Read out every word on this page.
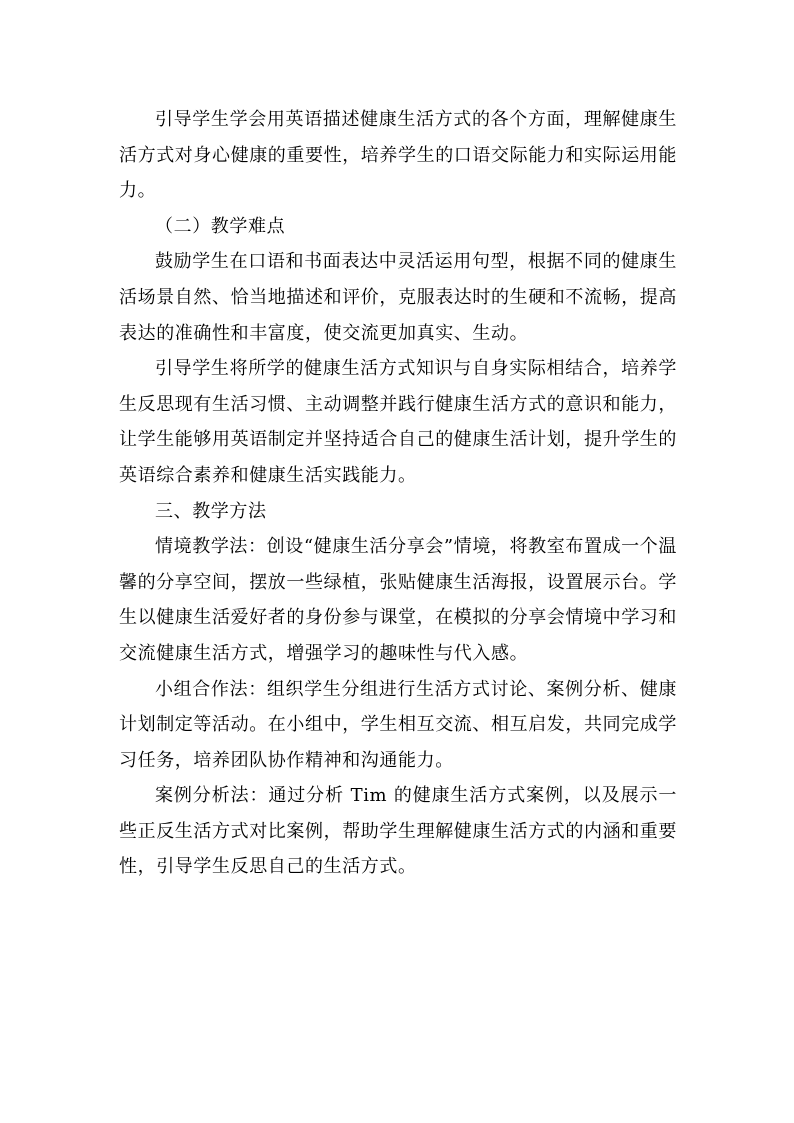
引导学生学会用英语描述健康生活方式的各个方面，理解健康生活方式对身心健康的重要性，培养学生的口语交际能力和实际运用能力。

（二）教学难点

鼓励学生在口语和书面表达中灵活运用句型，根据不同的健康生活场景自然、恰当地描述和评价，克服表达时的生硬和不流畅，提高表达的准确性和丰富度，使交流更加真实、生动。

引导学生将所学的健康生活方式知识与自身实际相结合，培养学生反思现有生活习惯、主动调整并践行健康生活方式的意识和能力，让学生能够用英语制定并坚持适合自己的健康生活计划，提升学生的英语综合素养和健康生活实践能力。

三、教学方法

情境教学法：创设“健康生活分享会”情境，将教室布置成一个温馨的分享空间，摆放一些绿植，张贴健康生活海报，设置展示台。学生以健康生活爱好者的身份参与课堂，在模拟的分享会情境中学习和交流健康生活方式，增强学习的趣味性与代入感。

小组合作法：组织学生分组进行生活方式讨论、案例分析、健康计划制定等活动。在小组中，学生相互交流、相互启发，共同完成学习任务，培养团队协作精神和沟通能力。

案例分析法：通过分析 Tim 的健康生活方式案例，以及展示一些正反生活方式对比案例，帮助学生理解健康生活方式的内涵和重要性，引导学生反思自己的生活方式。
